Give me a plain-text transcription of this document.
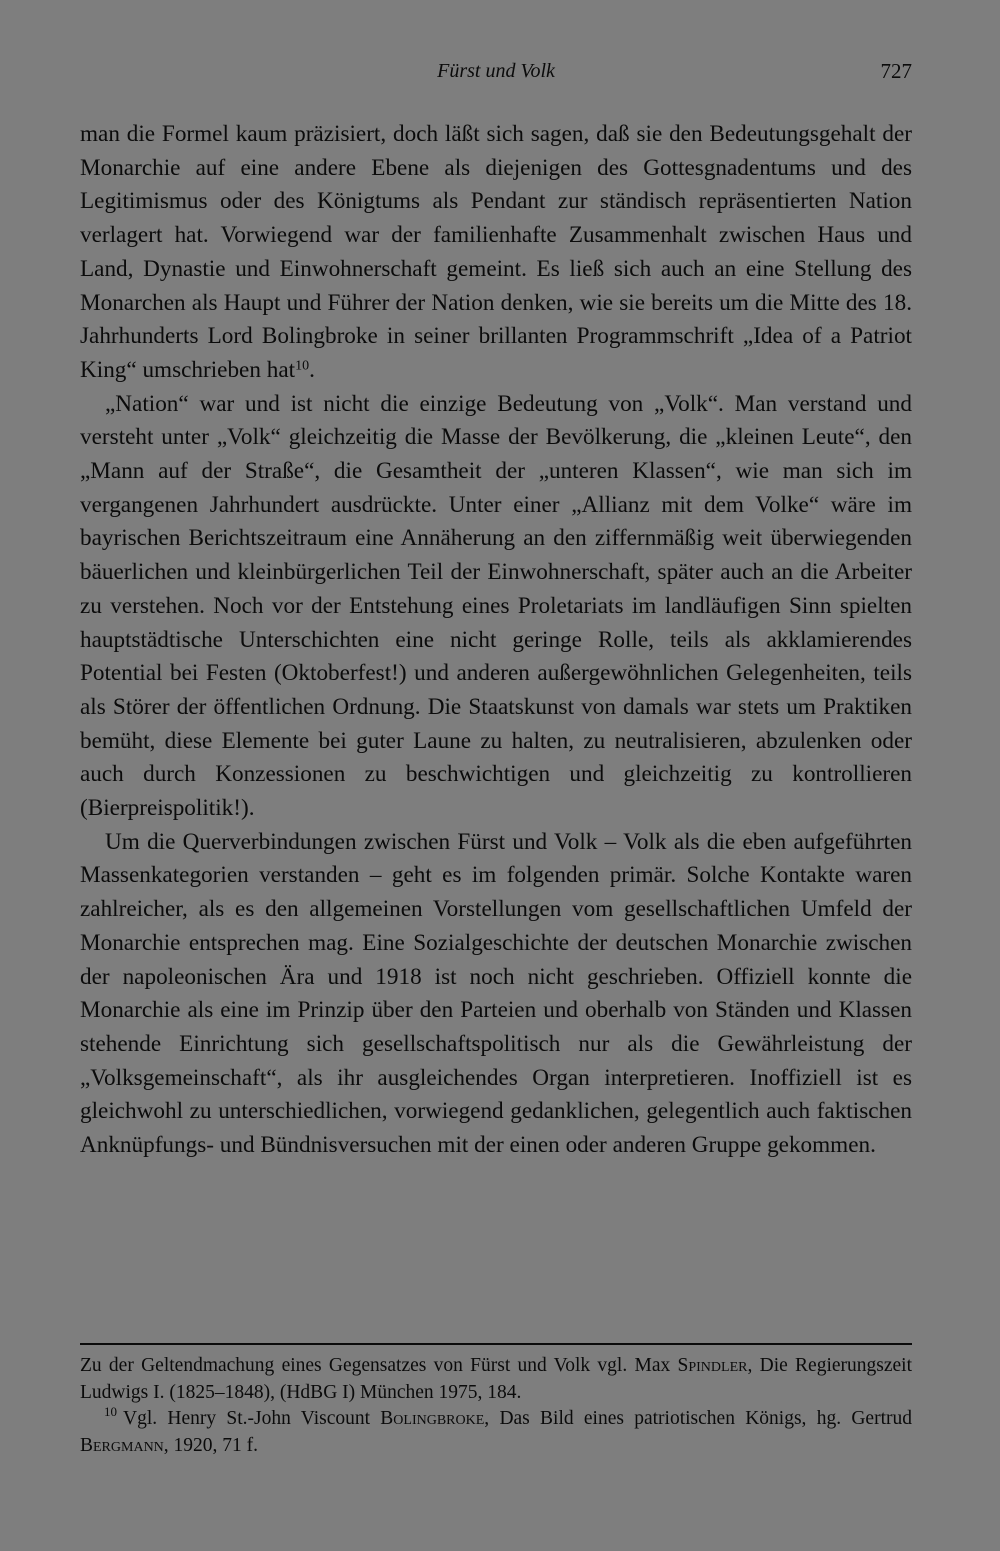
Fürst und Volk	727

man die Formel kaum präzisiert, doch läßt sich sagen, daß sie den Bedeutungsgehalt der Monarchie auf eine andere Ebene als diejenigen des Gottesgnadentums und des Legitimismus oder des Königtums als Pendant zur ständisch repräsentierten Nation verlagert hat. Vorwiegend war der familienhafte Zusammenhalt zwischen Haus und Land, Dynastie und Einwohnerschaft gemeint. Es ließ sich auch an eine Stellung des Monarchen als Haupt und Führer der Nation denken, wie sie bereits um die Mitte des 18. Jahrhunderts Lord Bolingbroke in seiner brillanten Programmschrift „Idea of a Patriot King“ umschrieben hat$^{10}$.

„Nation“ war und ist nicht die einzige Bedeutung von „Volk“. Man verstand und versteht unter „Volk“ gleichzeitig die Masse der Bevölkerung, die „kleinen Leute“, den „Mann auf der Straße“, die Gesamtheit der „unteren Klassen“, wie man sich im vergangenen Jahrhundert ausdrückte. Unter einer „Allianz mit dem Volke“ wäre im bayrischen Berichtszeitraum eine Annäherung an den ziffernmäßig weit überwiegenden bäuerlichen und kleinbürgerlichen Teil der Einwohnerschaft, später auch an die Arbeiter zu verstehen. Noch vor der Entstehung eines Proletariats im landläufigen Sinn spielten hauptstädtische Unterschichten eine nicht geringe Rolle, teils als akklamierendes Potential bei Festen (Oktoberfest!) und anderen außergewöhnlichen Gelegenheiten, teils als Störer der öffentlichen Ordnung. Die Staatskunst von damals war stets um Praktiken bemüht, diese Elemente bei guter Laune zu halten, zu neutralisieren, abzulenken oder auch durch Konzessionen zu beschwichtigen und gleichzeitig zu kontrollieren (Bierpreispolitik!).

Um die Querverbindungen zwischen Fürst und Volk – Volk als die eben aufgeführten Massenkategorien verstanden – geht es im folgenden primär. Solche Kontakte waren zahlreicher, als es den allgemeinen Vorstellungen vom gesellschaftlichen Umfeld der Monarchie entsprechen mag. Eine Sozialgeschichte der deutschen Monarchie zwischen der napoleonischen Ära und 1918 ist noch nicht geschrieben. Offiziell konnte die Monarchie als eine im Prinzip über den Parteien und oberhalb von Ständen und Klassen stehende Einrichtung sich gesellschaftspolitisch nur als die Gewährleistung der „Volksgemeinschaft“, als ihr ausgleichendes Organ interpretieren. Inoffiziell ist es gleichwohl zu unterschiedlichen, vorwiegend gedanklichen, gelegentlich auch faktischen Anknüpfungs- und Bündnisversuchen mit der einen oder anderen Gruppe gekommen.

Zu der Geltendmachung eines Gegensatzes von Fürst und Volk vgl. Max Spindler, Die Regierungszeit Ludwigs I. (1825–1848), (HdBG I) München 1975, 184.

$^{10}$ Vgl. Henry St.-John Viscount Bolingbroke, Das Bild eines patriotischen Königs, hg. Gertrud Bergmann, 1920, 71 f.
